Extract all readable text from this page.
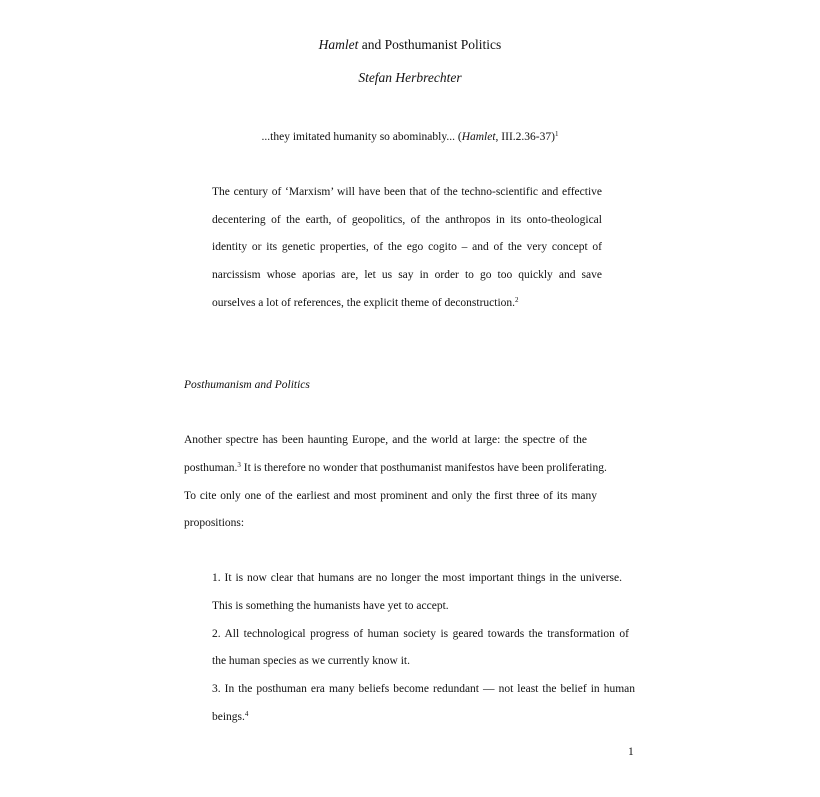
Hamlet and Posthumanist Politics
Stefan Herbrechter
...they imitated humanity so abominably... (Hamlet, III.2.36-37)$^1$
The century of ‘Marxism’ will have been that of the techno-scientific and effective
decentering of the earth, of geopolitics, of the anthropos in its onto-theological
identity or its genetic properties, of the ego cogito – and of the very concept of
narcissism whose aporias are, let us say in order to go too quickly and save
ourselves a lot of references, the explicit theme of deconstruction.$^2$
Posthumanism and Politics
Another spectre has been haunting Europe, and the world at large: the spectre of the
posthuman.$^3$ It is therefore no wonder that posthumanist manifestos have been proliferating.
To cite only one of the earliest and most prominent and only the first three of its many
propositions:
1. It is now clear that humans are no longer the most important things in the universe.
This is something the humanists have yet to accept.
2. All technological progress of human society is geared towards the transformation of
the human species as we currently know it.
3. In the posthuman era many beliefs become redundant — not least the belief in human
beings.$^4$
1
